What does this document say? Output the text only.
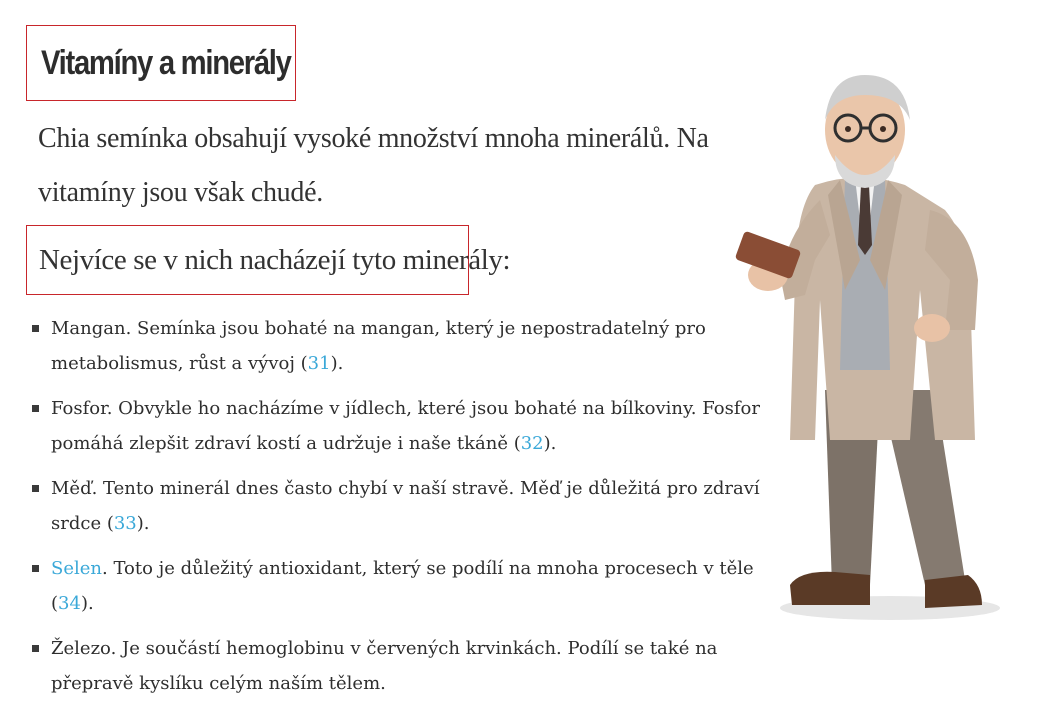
Vitamíny a minerály
Chia semínka obsahují vysoké množství mnoha minerálů. Na vitamíny jsou však chudé.
Nejvíce se v nich nacházejí tyto minerály:
Mangan. Semínka jsou bohaté na mangan, který je nepostradatelný pro metabolismus, růst a vývoj (31).
Fosfor. Obvykle ho nacházíme v jídlech, které jsou bohaté na bílkoviny. Fosfor pomáhá zlepšit zdraví kostí a udržuje i naše tkáně (32).
Měď. Tento minerál dnes často chybí v naší stravě. Měď je důležitá pro zdraví srdce (33).
Selen. Toto je důležitý antioxidant, který se podílí na mnoha procesech v těle (34).
Železo. Je součástí hemoglobinu v červených krvinkách. Podílí se také na přepravě kyslíku celým naším tělem.
